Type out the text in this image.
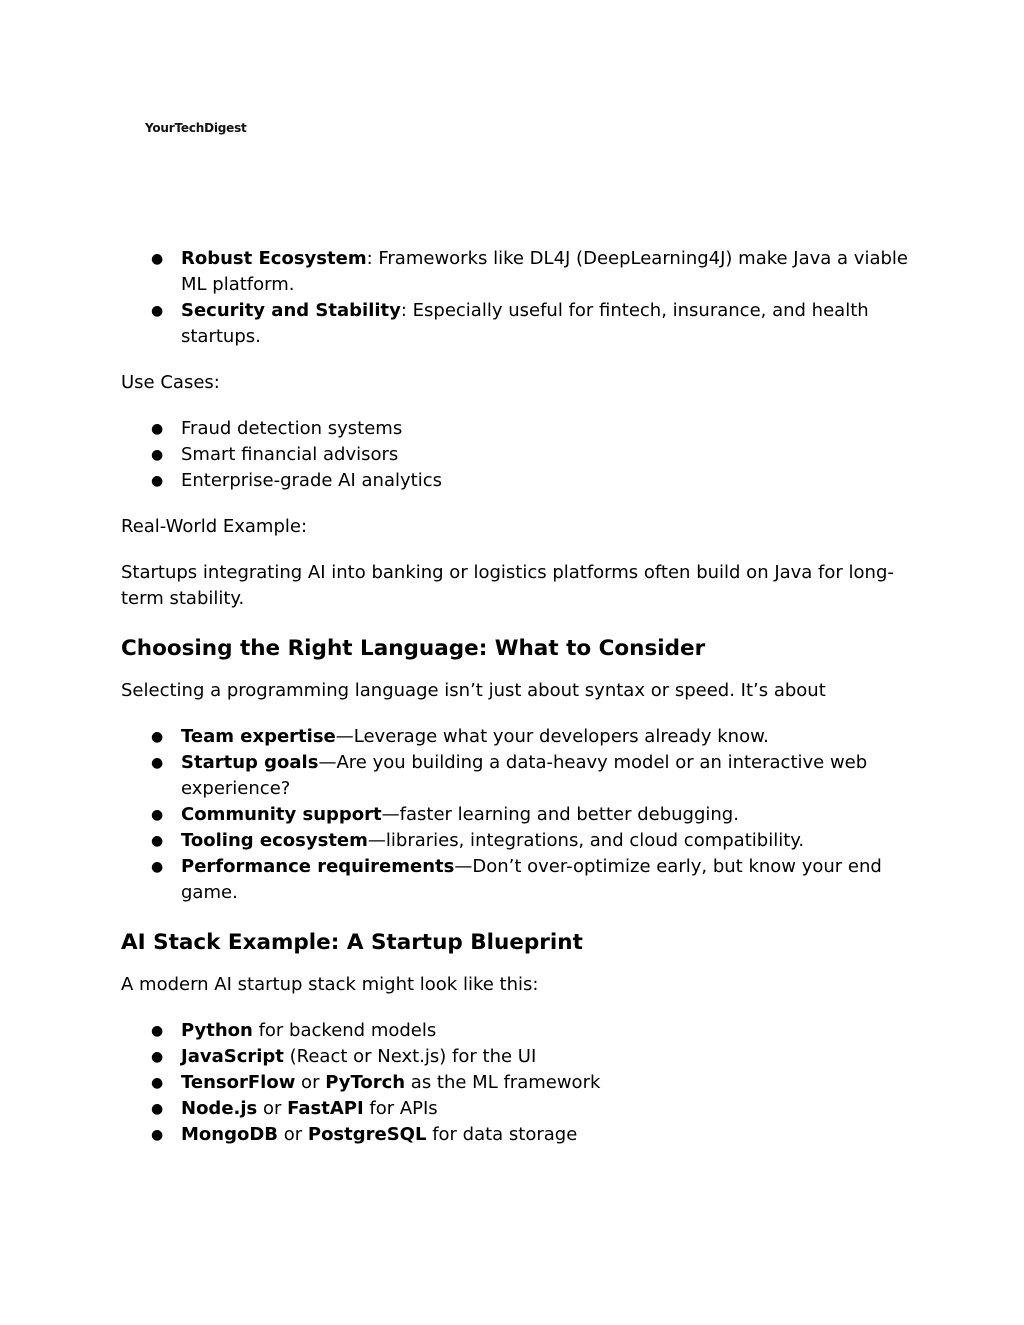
YourTechDigest
● Robust Ecosystem: Frameworks like DL4J (DeepLearning4J) make Java a viable ML platform.
● Security and Stability: Especially useful for fintech, insurance, and health startups.

Use Cases:

● Fraud detection systems
● Smart financial advisors
● Enterprise-grade AI analytics

Real-World Example:

Startups integrating AI into banking or logistics platforms often build on Java for long-term stability.

Choosing the Right Language: What to Consider

Selecting a programming language isn’t just about syntax or speed. It’s about

● Team expertise—Leverage what your developers already know.
● Startup goals—Are you building a data-heavy model or an interactive web experience?
● Community support—faster learning and better debugging.
● Tooling ecosystem—libraries, integrations, and cloud compatibility.
● Performance requirements—Don’t over-optimize early, but know your end game.
AI Stack Example: A Startup Blueprint

A modern AI startup stack might look like this:

● Python for backend models
● JavaScript (React or Next.js) for the UI
● TensorFlow or PyTorch as the ML framework
● Node.js or FastAPI for APIs
● MongoDB or PostgreSQL for data storage
